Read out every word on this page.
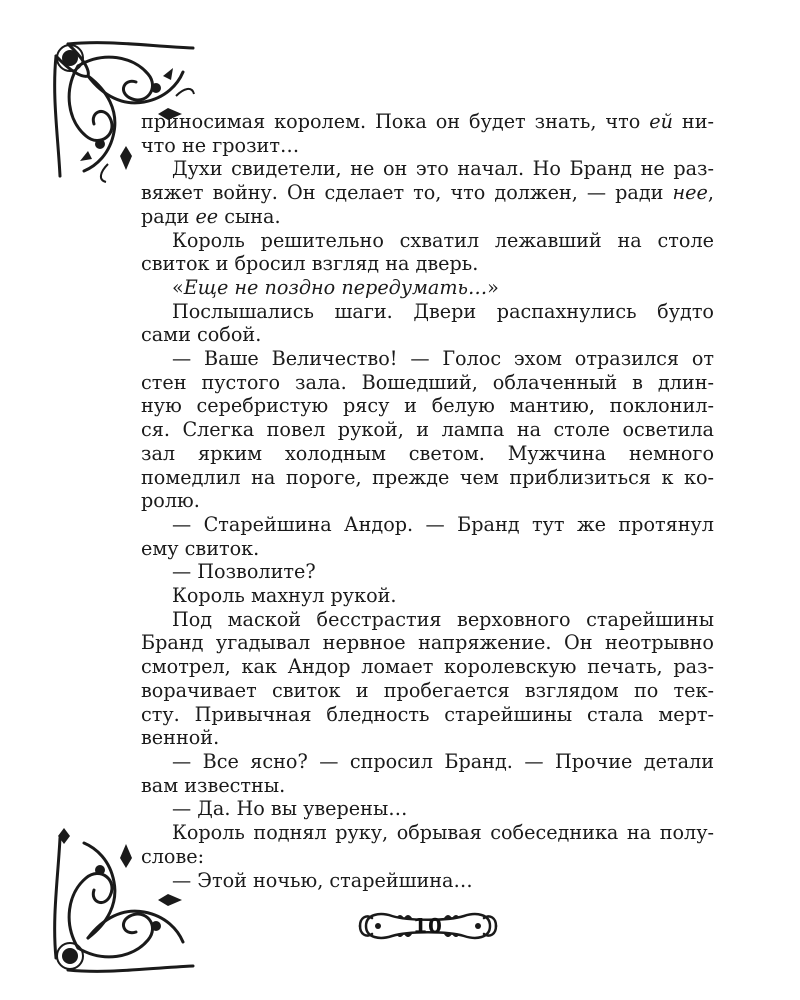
приносимая королем. Пока он будет знать, что ей ни-

что не грозит…

Духи свидетели, не он это начал. Но Бранд не раз-

вяжет войну. Он сделает то, что должен, — ради нее,

ради ее сына.

Король решительно схватил лежавший на столе

свиток и бросил взгляд на дверь.

«Еще не поздно передумать…»

Послышались шаги. Двери распахнулись будто

сами собой.

— Ваше Величество! — Голос эхом отразился от

стен пустого зала. Вошедший, облаченный в длин-

ную серебристую рясу и белую мантию, поклонил-

ся. Слегка повел рукой, и лампа на столе осветила

зал ярким холодным светом. Мужчина немного

помедлил на пороге, прежде чем приблизиться к ко-

ролю.

— Старейшина Андор. — Бранд тут же протянул

ему свиток.

— Позволите?

Король махнул рукой.

Под маской бесстрастия верховного старейшины

Бранд угадывал нервное напряжение. Он неотрывно

смотрел, как Андор ломает королевскую печать, раз-

ворачивает свиток и пробегается взглядом по тек-

сту. Привычная бледность старейшины стала мерт-

венной.

— Все ясно? — спросил Бранд. — Прочие детали

вам известны.

— Да. Но вы уверены…

Король поднял руку, обрывая собеседника на полу-

слове:

— Этой ночью, старейшина…

10
